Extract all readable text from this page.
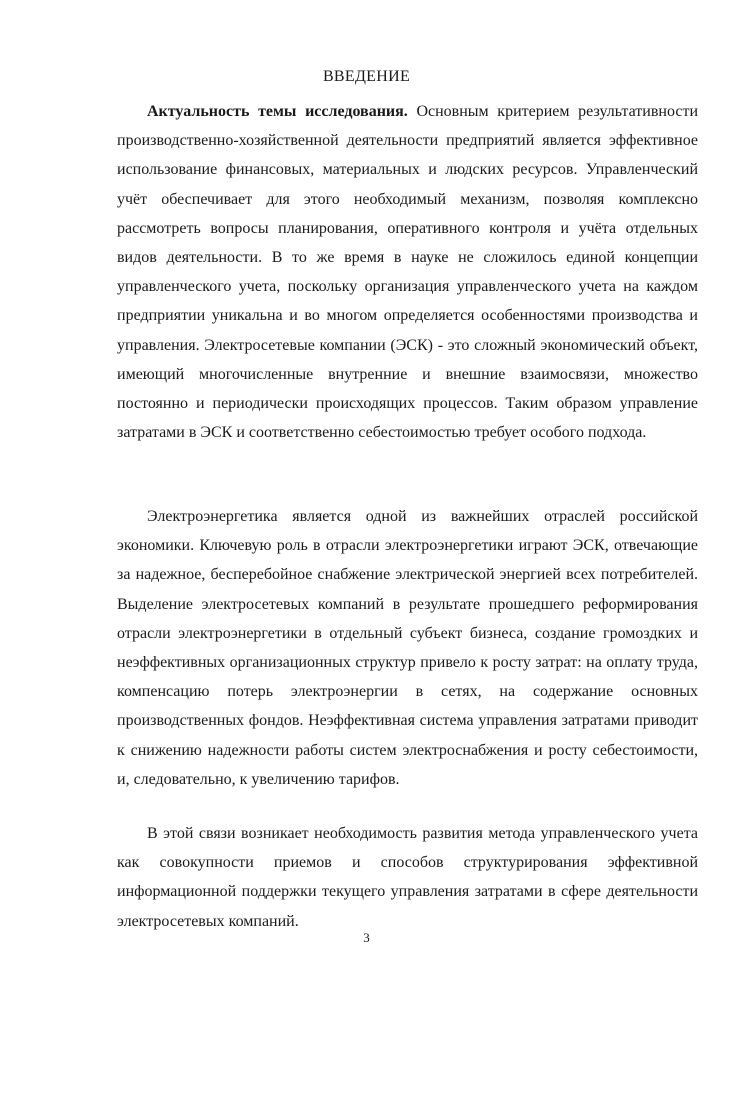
ВВЕДЕНИЕ
Актуальность темы исследования. Основным критерием результативности производственно-хозяйственной деятельности предприятий является эффективное использование финансовых, материальных и людских ресурсов. Управленческий учёт обеспечивает для этого необходимый механизм, позволяя комплексно рассмотреть вопросы планирования, оперативного контроля и учёта отдельных видов деятельности. В то же время в науке не сложилось единой концепции управленческого учета, поскольку организация управленческого учета на каждом предприятии уникальна и во многом определяется особенностями производства и управления. Электросетевые компании (ЭСК) - это сложный экономический объект, имеющий многочисленные внутренние и внешние взаимосвязи, множество постоянно и периодически происходящих процессов. Таким образом управление затратами в ЭСК и соответственно себестоимостью требует особого подхода.
Электроэнергетика является одной из важнейших отраслей российской экономики. Ключевую роль в отрасли электроэнергетики играют ЭСК, отвечающие за надежное, бесперебойное снабжение электрической энергией всех потребителей. Выделение электросетевых компаний в результате прошедшего реформирования отрасли электроэнергетики в отдельный субъект бизнеса, создание громоздких и неэффективных организационных структур привело к росту затрат: на оплату труда, компенсацию потерь электроэнергии в сетях, на содержание основных производственных фондов. Неэффективная система управления затратами приводит к снижению надежности работы систем электроснабжения и росту себестоимости, и, следовательно, к увеличению тарифов.
В этой связи возникает необходимость развития метода управленческого учета как совокупности приемов и способов структурирования эффективной информационной поддержки текущего управления затратами в сфере деятельности электросетевых компаний.
3
